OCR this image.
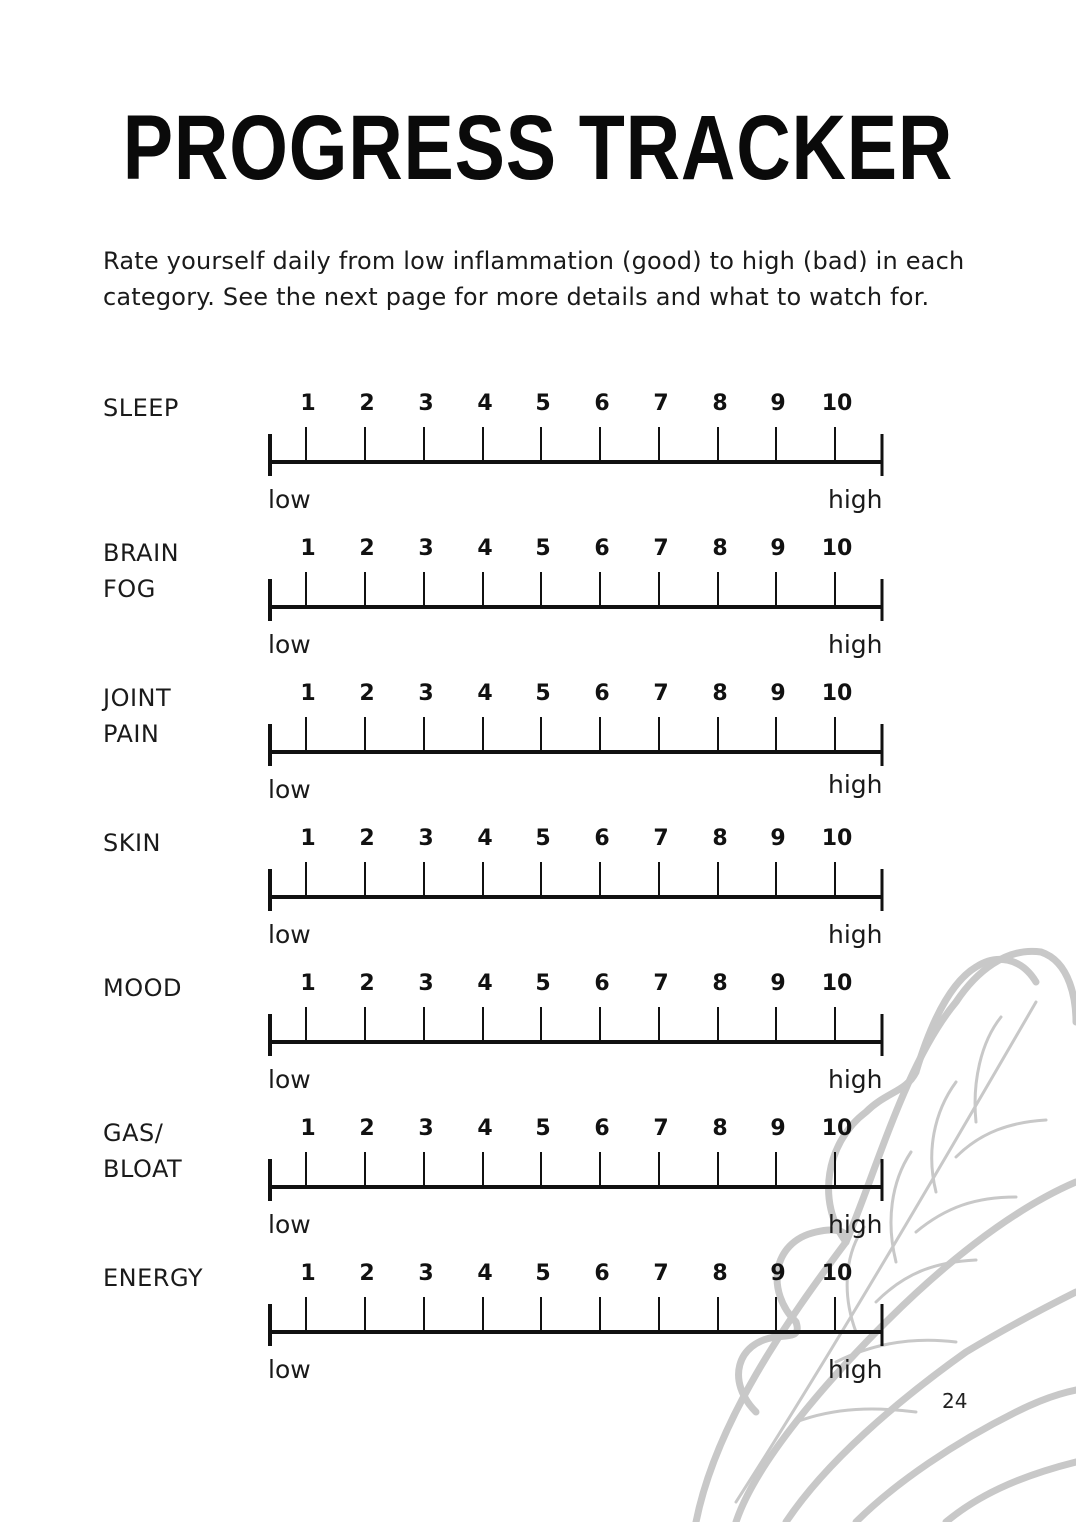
PROGRESS TRACKER

Rate yourself daily from low inflammation (good) to high (bad) in each

category. See the next page for more details and what to watch for.

SLEEP	1 2 3 4 5 6 7 8 9 10
low	high
BRAIN
FOG
1 2 3 4 5 6 7 8 9 10
low	high
JOINT
PAIN
1 2 3 4 5 6 7 8 9 10
low	high
SKIN	1 2 3 4 5 6 7 8 9 10
low	high
MOOD	1 2 3 4 5 6 7 8 9 10
low	high
GAS/
BLOAT
1 2 3 4 5 6 7 8 9 10
low	high
ENERGY	1 2 3 4 5 6 7 8 9 10
low	high
24
